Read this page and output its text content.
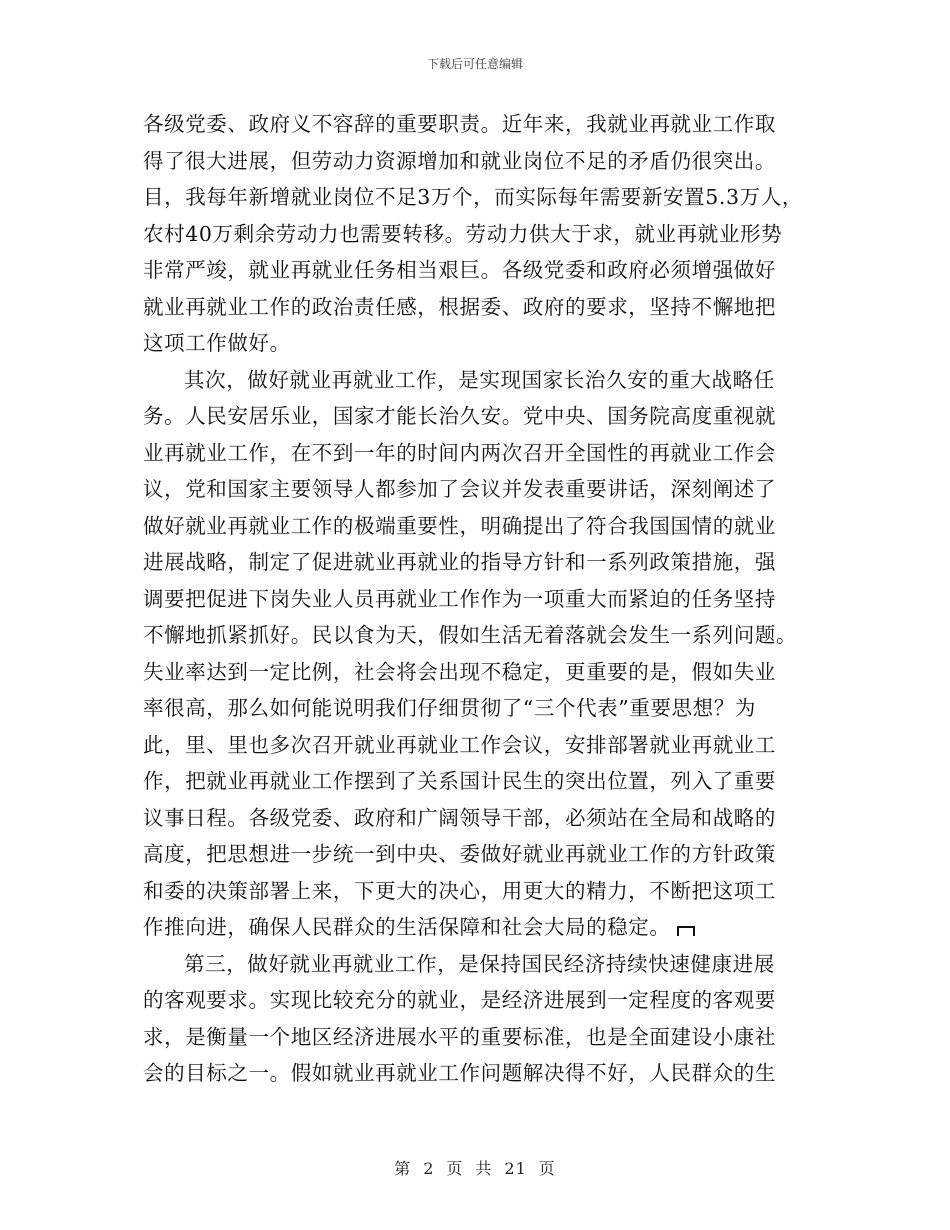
下载后可任意编辑
各级党委、政府义不容辞的重要职责。近年来，我就业再就业工作取
得了很大进展，但劳动力资源增加和就业岗位不足的矛盾仍很突出。
目，我每年新增就业岗位不足3万个，而实际每年需要新安置5.3万人，
农村40万剩余劳动力也需要转移。劳动力供大于求，就业再就业形势
非常严竣，就业再就业任务相当艰巨。各级党委和政府必须增强做好
就业再就业工作的政治责任感，根据委、政府的要求，坚持不懈地把
这项工作做好。
其次，做好就业再就业工作，是实现国家长治久安的重大战略任
务。人民安居乐业，国家才能长治久安。党中央、国务院高度重视就
业再就业工作，在不到一年的时间内两次召开全国性的再就业工作会
议，党和国家主要领导人都参加了会议并发表重要讲话，深刻阐述了
做好就业再就业工作的极端重要性，明确提出了符合我国国情的就业
进展战略，制定了促进就业再就业的指导方针和一系列政策措施，强
调要把促进下岗失业人员再就业工作作为一项重大而紧迫的任务坚持
不懈地抓紧抓好。民以食为天，假如生活无着落就会发生一系列问题。
失业率达到一定比例，社会将会出现不稳定，更重要的是，假如失业
率很高，那么如何能说明我们仔细贯彻了“三个代表”重要思想？为
此，里、里也多次召开就业再就业工作会议，安排部署就业再就业工
作，把就业再就业工作摆到了关系国计民生的突出位置，列入了重要
议事日程。各级党委、政府和广阔领导干部，必须站在全局和战略的
高度，把思想进一步统一到中央、委做好就业再就业工作的方针政策
和委的决策部署上来，下更大的决心，用更大的精力，不断把这项工
作推向进，确保人民群众的生活保障和社会大局的稳定。
第三，做好就业再就业工作，是保持国民经济持续快速健康进展
的客观要求。实现比较充分的就业，是经济进展到一定程度的客观要
求，是衡量一个地区经济进展水平的重要标准，也是全面建设小康社
会的目标之一。假如就业再就业工作问题解决得不好，人民群众的生
第 2 页 共 21 页
